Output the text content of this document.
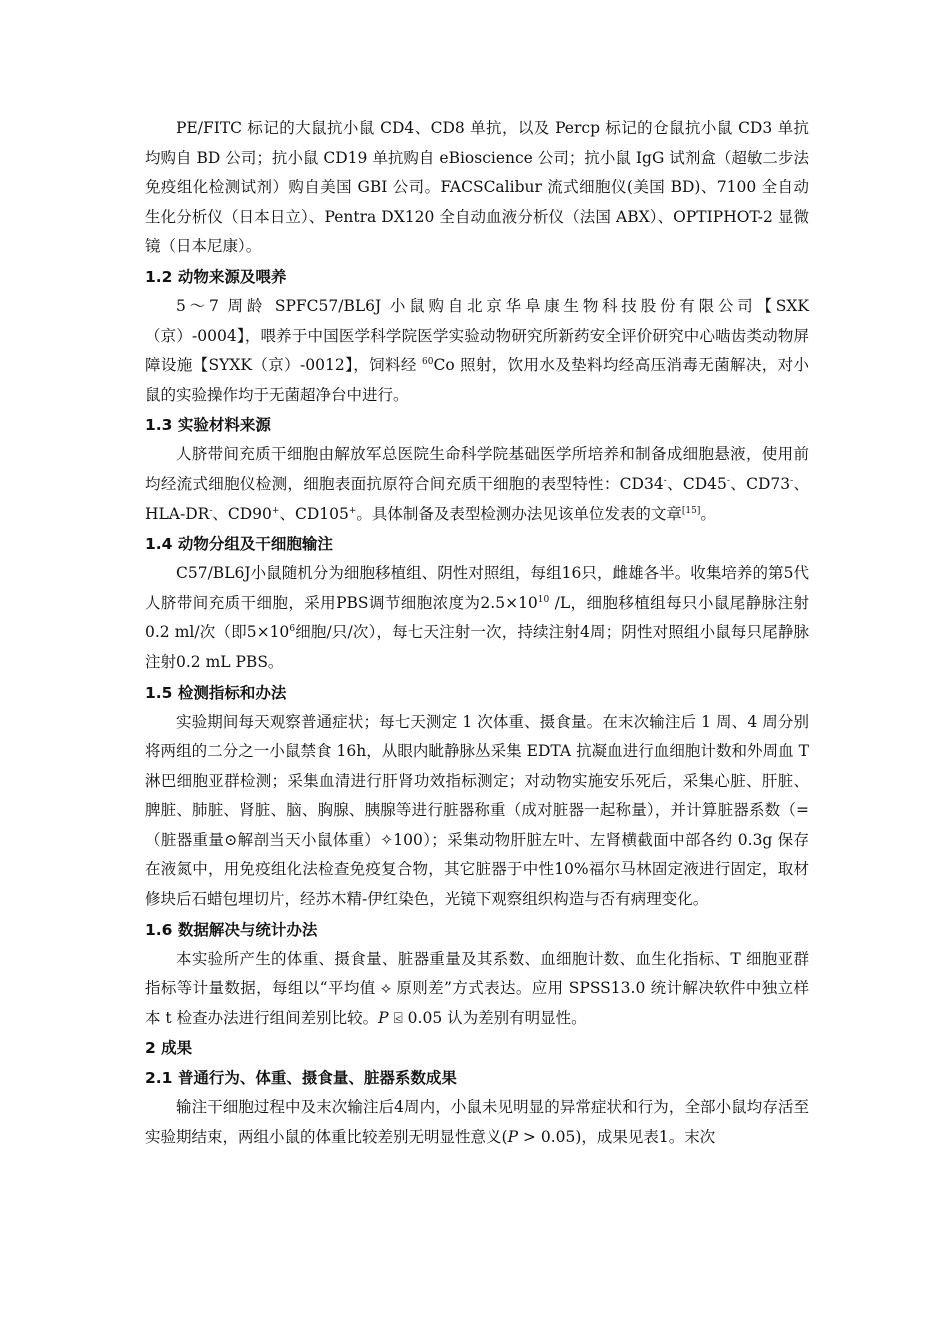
PE/FITC 标记的大鼠抗小鼠 CD4、CD8 单抗，以及 Percp 标记的仓鼠抗小鼠 CD3 单抗均购自 BD 公司；抗小鼠 CD19 单抗购自 eBioscience 公司；抗小鼠 IgG 试剂盒（超敏二步法免疫组化检测试剂）购自美国 GBI 公司。FACSCalibur 流式细胞仪(美国 BD)、7100 全自动生化分析仪（日本日立）、Pentra DX120 全自动血液分析仪（法国 ABX）、OPTIPHOT-2 显微镜（日本尼康）。

1.2 动物来源及喂养

5～7 周龄 SPFC57/BL6J 小鼠购自北京华阜康生物科技股份有限公司【SXK（京）-0004】，喂养于中国医学科学院医学实验动物研究所新药安全评价研究中心啮齿类动物屏障设施【SYXK（京）-0012】，饲料经 $^{60}$Co 照射，饮用水及垫料均经高压消毒无菌解决，对小鼠的实验操作均于无菌超净台中进行。

1.3 实验材料来源

人脐带间充质干细胞由解放军总医院生命科学院基础医学所培养和制备成细胞悬液，使用前均经流式细胞仪检测，细胞表面抗原符合间充质干细胞的表型特性：CD34-、CD45-、CD73-、HLA-DR-、CD90+、CD105+。具体制备及表型检测办法见该单位发表的文章[15]。

1.4 动物分组及干细胞输注

C57/BL6J小鼠随机分为细胞移植组、阴性对照组，每组16只，雌雄各半。收集培养的第5代人脐带间充质干细胞，采用PBS调节细胞浓度为$2.5\times 10^{10}$ /L，细胞移植组每只小鼠尾静脉注射0.2 ml/次（即$5\times 10^6$细胞/只/次），每七天注射一次，持续注射4周；阴性对照组小鼠每只尾静脉注射0.2 mL PBS。

1.5 检测指标和办法

实验期间每天观察普通症状；每七天测定 1 次体重、摄食量。在末次输注后 1 周、4 周分别将两组的二分之一小鼠禁食 16h，从眼内眦静脉丛采集 EDTA 抗凝血进行血细胞计数和外周血 T 淋巴细胞亚群检测；采集血清进行肝肾功效指标测定；对动物实施安乐死后，采集心脏、肝脏、脾脏、肺脏、肾脏、脑、胸腺、胰腺等进行脏器称重（成对脏器一起称量），并计算脏器系数（=（脏器重量⊙解剖当天小鼠体重）✧100）；采集动物肝脏左叶、左肾横截面中部各约 0.3g 保存在液氮中，用免疫组化法检查免疫复合物，其它脏器于中性10%福尔马林固定液进行固定，取材修块后石蜡包埋切片，经苏木精-伊红染色，光镜下观察组织构造与否有病理变化。

1.6 数据解决与统计办法

本实验所产生的体重、摄食量、脏器重量及其系数、血细胞计数、血生化指标、T 细胞亚群指标等计量数据，每组以“平均值 ⟡ 原则差”方式表达。应用 SPSS13.0 统计解决软件中独立样本 t 检查办法进行组间差别比较。P ⍃ 0.05 认为差别有明显性。

2 成果

2.1 普通行为、体重、摄食量、脏器系数成果

输注干细胞过程中及末次输注后4周内，小鼠未见明显的异常症状和行为，全部小鼠均存活至实验期结束，两组小鼠的体重比较差别无明显性意义(P > 0.05)，成果见表1。末次
